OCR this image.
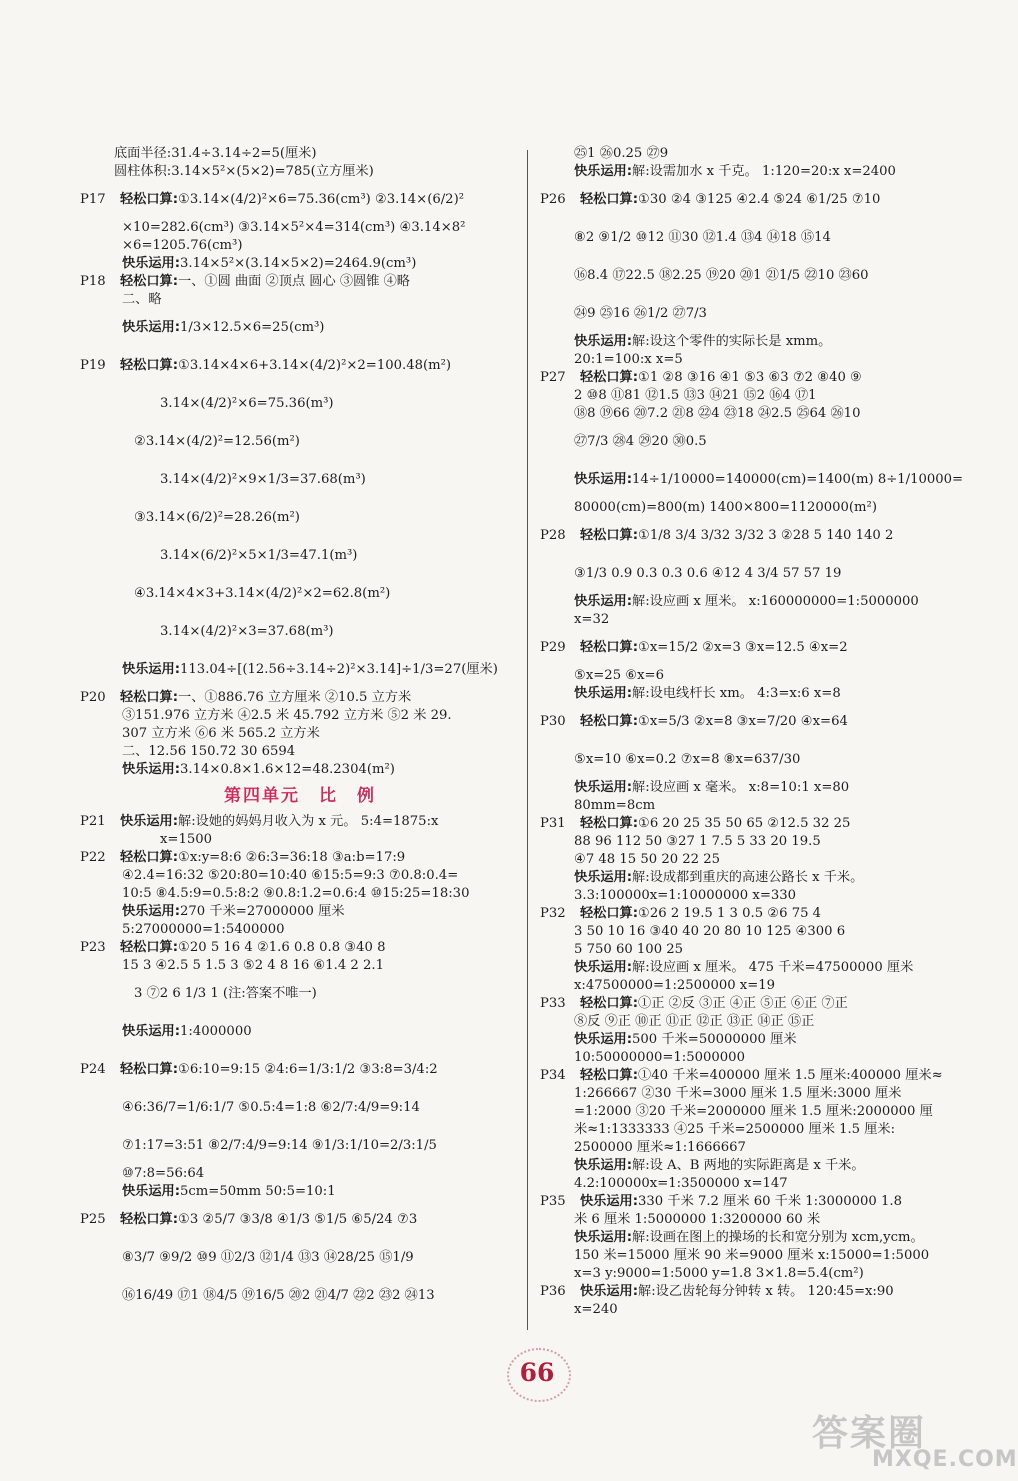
底面半径:31.4÷3.14÷2=5(厘米)
圆柱体积:3.14×5²×(5×2)=785(立方厘米)
P17 轻松口算:①3.14×(4/2)²×6=75.36(cm³) ②3.14×(6/2)²
×10=282.6(cm³) ③3.14×5²×4=314(cm³) ④3.14×8²
×6=1205.76(cm³)
快乐运用:3.14×5²×(3.14×5×2)=2464.9(cm³)
P18 轻松口算:一、①圆 曲面 ②顶点 圆心 ③圆锥 ④略
二、略
快乐运用:1/3×12.5×6=25(cm³)
P19 轻松口算:①3.14×4×6+3.14×(4/2)²×2=100.48(m²)
3.14×(4/2)²×6=75.36(m³)
②3.14×(4/2)²=12.56(m²)
3.14×(4/2)²×9×1/3=37.68(m³)
③3.14×(6/2)²=28.26(m²)
3.14×(6/2)²×5×1/3=47.1(m³)
④3.14×4×3+3.14×(4/2)²×2=62.8(m²)
3.14×(4/2)²×3=37.68(m³)
快乐运用:113.04÷[(12.56÷3.14÷2)²×3.14]÷1/3=27(厘米)
P20 轻松口算:一、①886.76 立方厘米 ②10.5 立方米
③151.976 立方米 ④2.5 米 45.792 立方米 ⑤2 米 29.
307 立方米 ⑥6 米 565.2 立方米
二、12.56 150.72 30 6594
快乐运用:3.14×0.8×1.6×12=48.2304(m²)
第四单元　比　例
P21 快乐运用:解:设她的妈妈月收入为 x 元。 5:4=1875:x
x=1500
P22 轻松口算:①x:y=8:6 ②6:3=36:18 ③a:b=17:9
④2.4=16:32 ⑤20:80=10:40 ⑥15:5=9:3 ⑦0.8:0.4=
10:5 ⑧4.5:9=0.5:8:2 ⑨0.8:1.2=0.6:4 ⑩15:25=18:30
快乐运用:270 千米=27000000 厘米
5:27000000=1:5400000
P23 轻松口算:①20 5 16 4 ②1.6 0.8 0.8 ③40 8
15 3 ④2.5 5 1.5 3 ⑤2 4 8 16 ⑥1.4 2 2.1
3 ⑦2 6 1/3 1 (注:答案不唯一)
快乐运用:1:4000000
P24 轻松口算:①6:10=9:15 ②4:6=1/3:1/2 ③3:8=3/4:2
④6:36/7=1/6:1/7 ⑤0.5:4=1:8 ⑥2/7:4/9=9:14
⑦1:17=3:51 ⑧2/7:4/9=9:14 ⑨1/3:1/10=2/3:1/5
⑩7:8=56:64
快乐运用:5cm=50mm 50:5=10:1
P25 轻松口算:①3 ②5/7 ③3/8 ④1/3 ⑤1/5 ⑥5/24 ⑦3
⑧3/7 ⑨9/2 ⑩9 ⑪2/3 ⑫1/4 ⑬3 ⑭28/25 ⑮1/9
⑯16/49 ⑰1 ⑱4/5 ⑲16/5 ⑳2 ㉑4/7 ㉒2 ㉓2 ㉔13
㉕1 ㉖0.25 ㉗9
快乐运用:解:设需加水 x 千克。 1:120=20:x x=2400
P26 轻松口算:①30 ②4 ③125 ④2.4 ⑤24 ⑥1/25 ⑦10
⑧2 ⑨1/2 ⑩12 ⑪30 ⑫1.4 ⑬4 ⑭18 ⑮14
⑯8.4 ⑰22.5 ⑱2.25 ⑲20 ⑳1 ㉑1/5 ㉒10 ㉓60
㉔9 ㉕16 ㉖1/2 ㉗7/3
快乐运用:解:设这个零件的实际长是 xmm。
20:1=100:x x=5
P27 轻松口算:①1 ②8 ③16 ④1 ⑤3 ⑥3 ⑦2 ⑧40 ⑨
2 ⑩8 ⑪81 ⑫1.5 ⑬3 ⑭21 ⑮2 ⑯4 ⑰1
⑱8 ⑲66 ⑳7.2 ㉑8 ㉒4 ㉓18 ㉔2.5 ㉕64 ㉖10
㉗7/3 ㉘4 ㉙20 ㉚0.5
快乐运用:14÷1/10000=140000(cm)=1400(m) 8÷1/10000=
80000(cm)=800(m) 1400×800=1120000(m²)
P28 轻松口算:①1/8 3/4 3/32 3/32 3 ②28 5 140 140 2
③1/3 0.9 0.3 0.3 0.6 ④12 4 3/4 57 57 19
快乐运用:解:设应画 x 厘米。 x:160000000=1:5000000
x=32
P29 轻松口算:①x=15/2 ②x=3 ③x=12.5 ④x=2
⑤x=25 ⑥x=6
快乐运用:解:设电线杆长 xm。 4:3=x:6 x=8
P30 轻松口算:①x=5/3 ②x=8 ③x=7/20 ④x=64
⑤x=10 ⑥x=0.2 ⑦x=8 ⑧x=637/30
快乐运用:解:设应画 x 毫米。 x:8=10:1 x=80
80mm=8cm
P31 轻松口算:①6 20 25 35 50 65 ②12.5 32 25
88 96 112 50 ③27 1 7.5 5 33 20 19.5
④7 48 15 50 20 22 25
快乐运用:解:设成都到重庆的高速公路长 x 千米。
3.3:100000x=1:10000000 x=330
P32 轻松口算:①26 2 19.5 1 3 0.5 ②6 75 4
3 50 10 16 ③40 40 20 80 10 125 ④300 6
5 750 60 100 25
快乐运用:解:设应画 x 厘米。 475 千米=47500000 厘米
x:47500000=1:2500000 x=19
P33 轻松口算:①正 ②反 ③正 ④正 ⑤正 ⑥正 ⑦正
⑧反 ⑨正 ⑩正 ⑪正 ⑫正 ⑬正 ⑭正 ⑮正
快乐运用:500 千米=50000000 厘米
10:50000000=1:5000000
P34 轻松口算:①40 千米=400000 厘米 1.5 厘米:400000 厘米≈
1:266667 ②30 千米=3000 厘米 1.5 厘米:3000 厘米
=1:2000 ③20 千米=2000000 厘米 1.5 厘米:2000000 厘
米≈1:1333333 ④25 千米=2500000 厘米 1.5 厘米:
2500000 厘米≈1:1666667
快乐运用:解:设 A、B 两地的实际距离是 x 千米。
4.2:100000x=1:3500000 x=147
P35 快乐运用:330 千米 7.2 厘米 60 千米 1:3000000 1.8
米 6 厘米 1:5000000 1:3200000 60 米
快乐运用:解:设画在图上的操场的长和宽分别为 xcm,ycm。
150 米=15000 厘米 90 米=9000 厘米 x:15000=1:5000
x=3 y:9000=1:5000 y=1.8 3×1.8=5.4(cm²)
P36 快乐运用:解:设乙齿轮每分钟转 x 转。 120:45=x:90
x=240
66
答案圈
MXQE.COM
